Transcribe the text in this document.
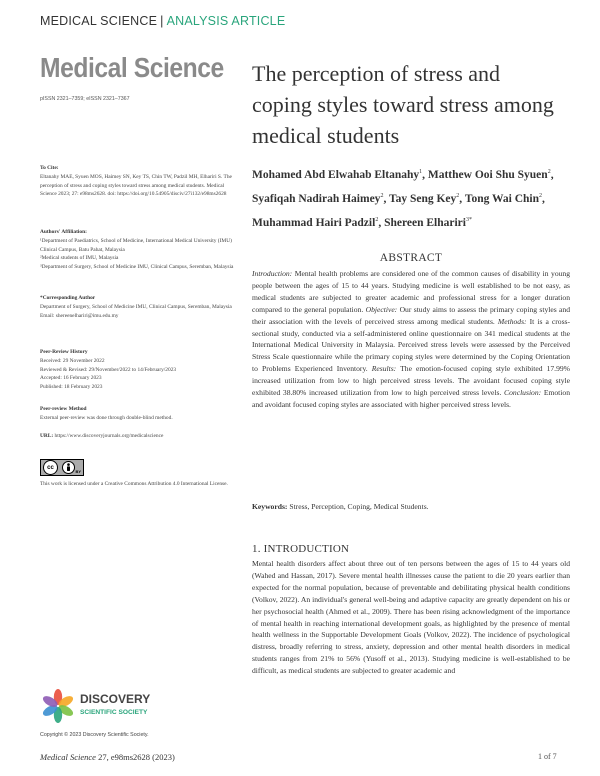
MEDICAL SCIENCE | ANALYSIS ARTICLE
Medical Science
pISSN 2321–7359; eISSN 2321–7367
The perception of stress and coping styles toward stress among medical students
Mohamed Abd Elwahab Eltanahy$^1$, Matthew Ooi Shu Syuen$^2$, Syafiqah Nadirah Haimey$^2$, Tay Seng Key$^2$, Tong Wai Chin$^2$, Muhammad Hairi Padzil$^2$, Shereen Elhariri$^{3*}$

To Cite:

Eltanahy MAE, Syuen MOS, Haimey SN, Key TS, Chin TW, Padzil MH, Elhariri S. The perception of stress and coping styles toward stress among medical students. Medical Science 2023; 27: e98ms2628. doi: https://doi.org/10.54905/disciv/27i132/e98ms2628

Authors' Affiliation:

¹Department of Paediatrics, School of Medicine, International Medical University (IMU) Clinical Campus, Batu Pahat, Malaysia

²Medical students of IMU, Malaysia

³Department of Surgery, School of Medicine IMU, Clinical Campus, Seremban, Malaysia

*Corresponding Author

Department of Surgery, School of Medicine IMU, Clinical Campus, Seremban, Malaysia

Email: shereenelhariri@imu.edu.my

Peer-Review History

Received: 29 November 2022

Reviewed & Revised: 29/November/2022 to 14/February/2023

Accepted: 16 February 2023

Published: 18 February 2023

Peer-review Method

External peer-review was done through double-blind method.

URL: https://www.discoveryjournals.org/medicalscience

cc
BY
This work is licensed under a Creative Commons Attribution 4.0 International License.
ABSTRACT
Introduction: Mental health problems are considered one of the common causes of disability in young people between the ages of 15 to 44 years. Studying medicine is well established to be not easy, as medical students are subjected to greater academic and professional stress for a longer duration compared to the general population. Objective: Our study aims to assess the primary coping styles and their association with the levels of perceived stress among medical students. Methods: It is a cross-sectional study, conducted via a self-administered online questionnaire on 341 medical students at the International Medical University in Malaysia. Perceived stress levels were assessed by the Perceived Stress Scale questionnaire while the primary coping styles were determined by the Coping Orientation to Problems Experienced Inventory. Results: The emotion-focused coping style exhibited 17.99% increased utilization from low to high perceived stress levels. The avoidant focused coping style exhibited 38.80% increased utilization from low to high perceived stress levels. Conclusion: Emotion and avoidant focused coping styles are associated with higher perceived stress levels.
Keywords: Stress, Perception, Coping, Medical Students.
1. INTRODUCTION
Mental health disorders affect about three out of ten persons between the ages of 15 to 44 years old (Wahed and Hassan, 2017). Severe mental health illnesses cause the patient to die 20 years earlier than expected for the normal population, because of preventable and debilitating physical health conditions (Volkov, 2022). An individual's general well-being and adaptive capacity are greatly dependent on his or her psychosocial health (Ahmed et al., 2009). There has been rising acknowledgment of the importance of mental health in reaching international development goals, as highlighted by the presence of mental health wellness in the Supportable Development Goals (Volkov, 2022). The incidence of psychological distress, broadly referring to stress, anxiety, depression and other mental health disorders in medical students ranges from 21% to 56% (Yusoff et al., 2013). Studying medicine is well-established to be difficult, as medical students are subjected to greater academic and
DISCOVERY
SCIENTIFIC SOCIETY
Copyright © 2023 Discovery Scientific Society.
Medical Science 27, e98ms2628 (2023)	1 of 7
